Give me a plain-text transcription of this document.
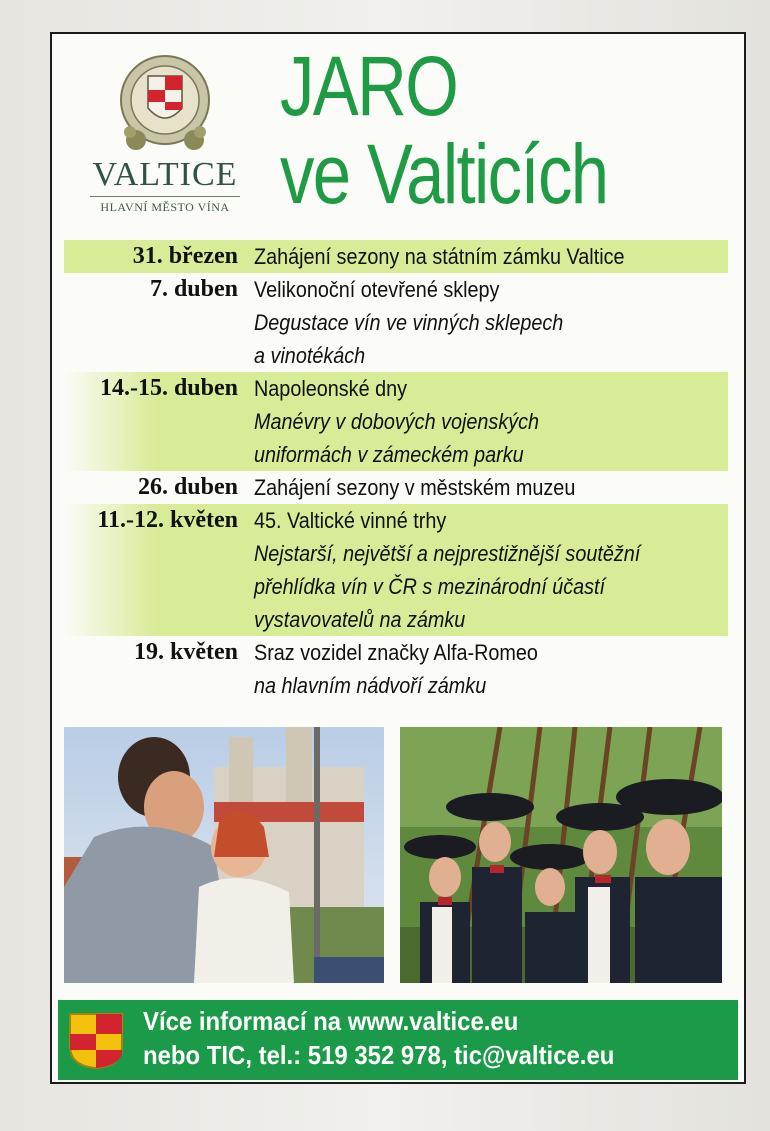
VALTICE
HLAVNÍ MĚSTO VÍNA
JARO
ve Valticích
31. březen Zahájení sezony na státním zámku Valtice
7. duben Velikonoční otevřené sklepy
Degustace vín ve vinných sklepech
a vinotékách
14.-15. duben Napoleonské dny
Manévry v dobových vojenských
uniformách v zámeckém parku
26. duben Zahájení sezony v městském muzeu
11.-12. květen 45. Valtické vinné trhy
Nejstarší, největší a nejprestižnější soutěžní
přehlídka vín v ČR s mezinárodní účastí
vystavovatelů na zámku
19. květen Sraz vozidel značky Alfa-Romeo
na hlavním nádvoří zámku
Více informací na www.valtice.eu
nebo TIC, tel.: 519 352 978, tic@valtice.eu
